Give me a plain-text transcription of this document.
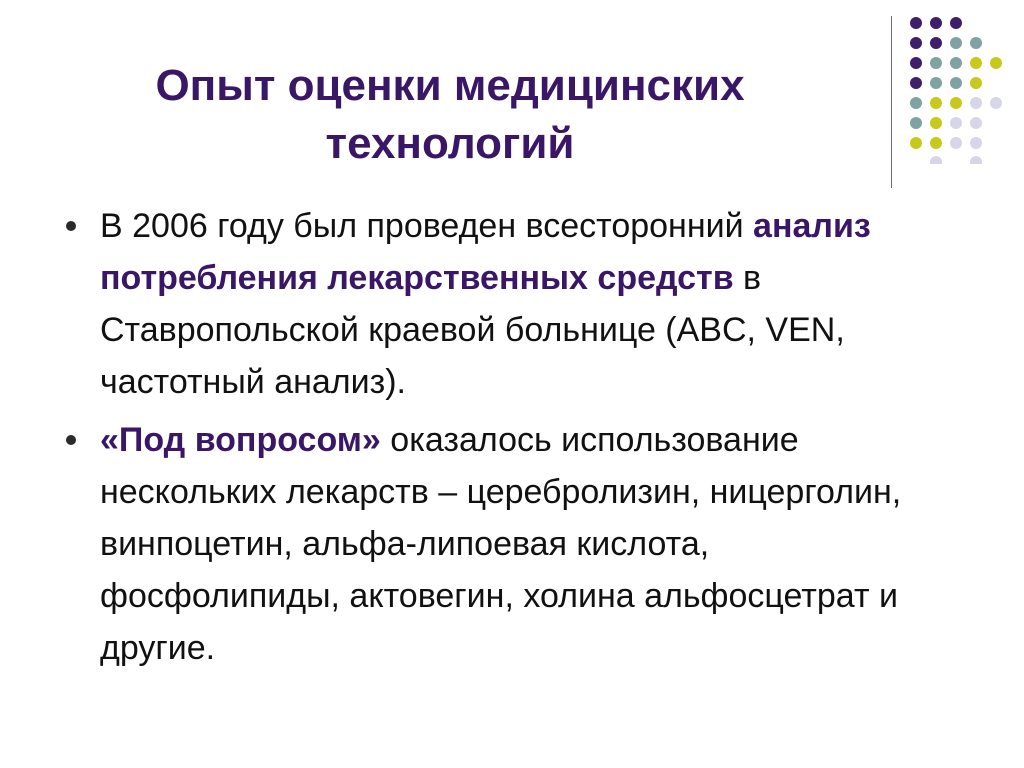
Опыт оценки медицинских
технологий

В 2006 году был проведен всесторонний анализ потребления лекарственных средств в Ставропольской краевой больнице (ABC, VEN, частотный анализ).

«Под вопросом» оказалось использование нескольких лекарств – церебролизин, ницерголин, винпоцетин, альфа-липоевая кислота, фосфолипиды, актовегин, холина альфосцетрат и другие.
